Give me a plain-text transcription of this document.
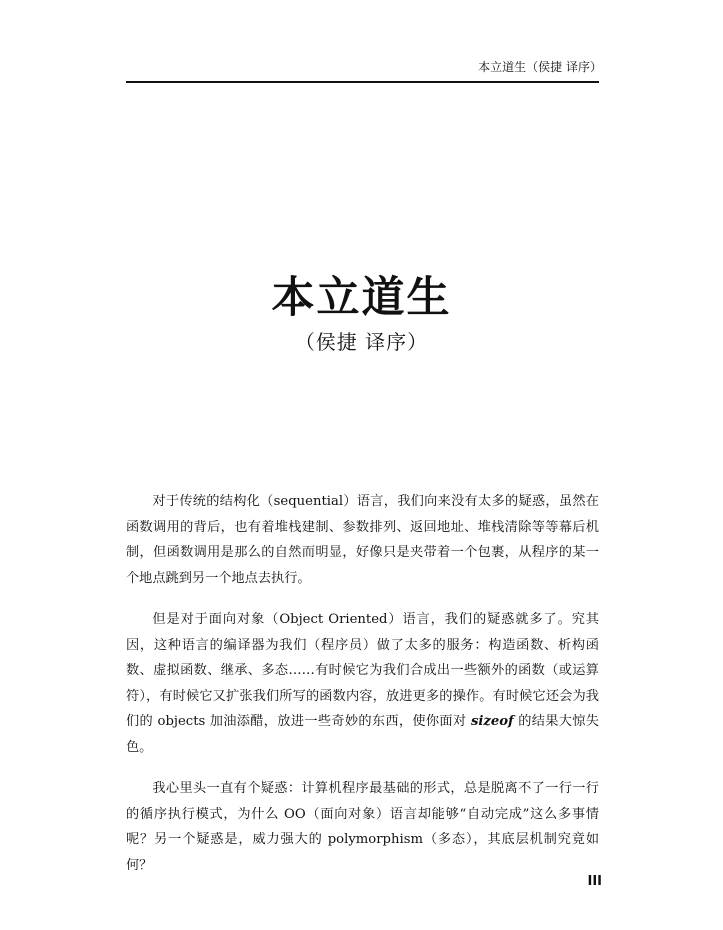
本立道生（侯捷 译序）
本立道生
（侯捷 译序）

对于传统的结构化（sequential）语言，我们向来没有太多的疑惑，虽然在函数调用的背后，也有着堆栈建制、参数排列、返回地址、堆栈清除等等幕后机制，但函数调用是那么的自然而明显，好像只是夹带着一个包裹，从程序的某一个地点跳到另一个地点去执行。

但是对于面向对象（Object Oriented）语言，我们的疑惑就多了。究其因，这种语言的编译器为我们（程序员）做了太多的服务：构造函数、析构函数、虚拟函数、继承、多态……有时候它为我们合成出一些额外的函数（或运算符），有时候它又扩张我们所写的函数内容，放进更多的操作。有时候它还会为我们的 objects 加油添醋，放进一些奇妙的东西，使你面对 sizeof 的结果大惊失色。

我心里头一直有个疑惑：计算机程序最基础的形式，总是脱离不了一行一行的循序执行模式，为什么 OO（面向对象）语言却能够“自动完成”这么多事情呢？另一个疑惑是，威力强大的 polymorphism（多态），其底层机制究竟如何？

III
